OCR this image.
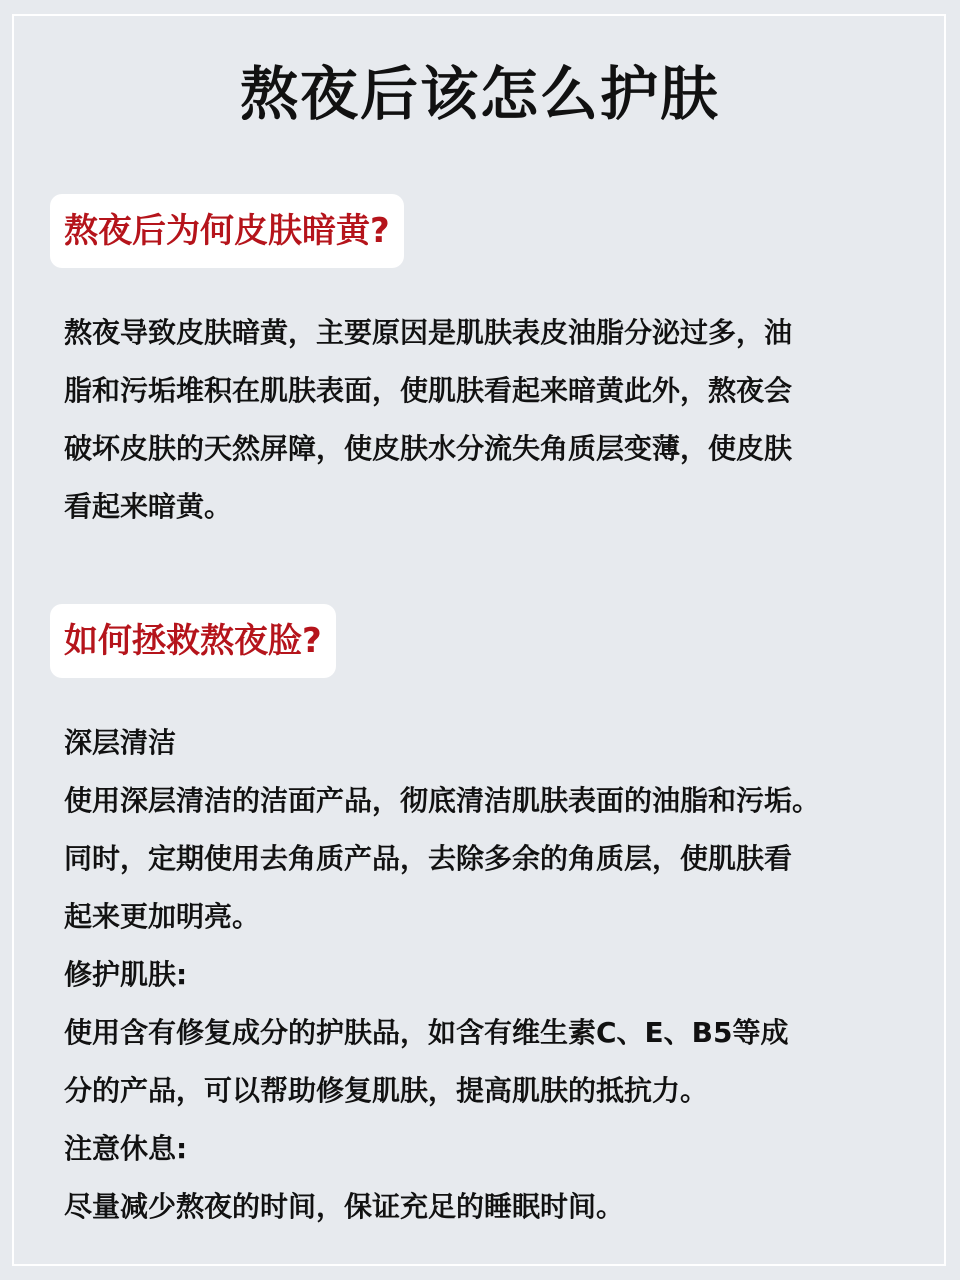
熬夜后该怎么护肤
熬夜后为何皮肤暗黄?
熬夜导致皮肤暗黄，主要原因是肌肤表皮油脂分泌过多，油
脂和污垢堆积在肌肤表面，使肌肤看起来暗黄此外，熬夜会
破坏皮肤的天然屏障，使皮肤水分流失角质层变薄，使皮肤
看起来暗黄。
如何拯救熬夜脸?
深层清洁
使用深层清洁的洁面产品，彻底清洁肌肤表面的油脂和污垢。
同时，定期使用去角质产品，去除多余的角质层，使肌肤看
起来更加明亮。
修护肌肤:
使用含有修复成分的护肤品，如含有维生素C、E、B5等成
分的产品，可以帮助修复肌肤，提高肌肤的抵抗力。
注意休息:
尽量减少熬夜的时间，保证充足的睡眠时间。
